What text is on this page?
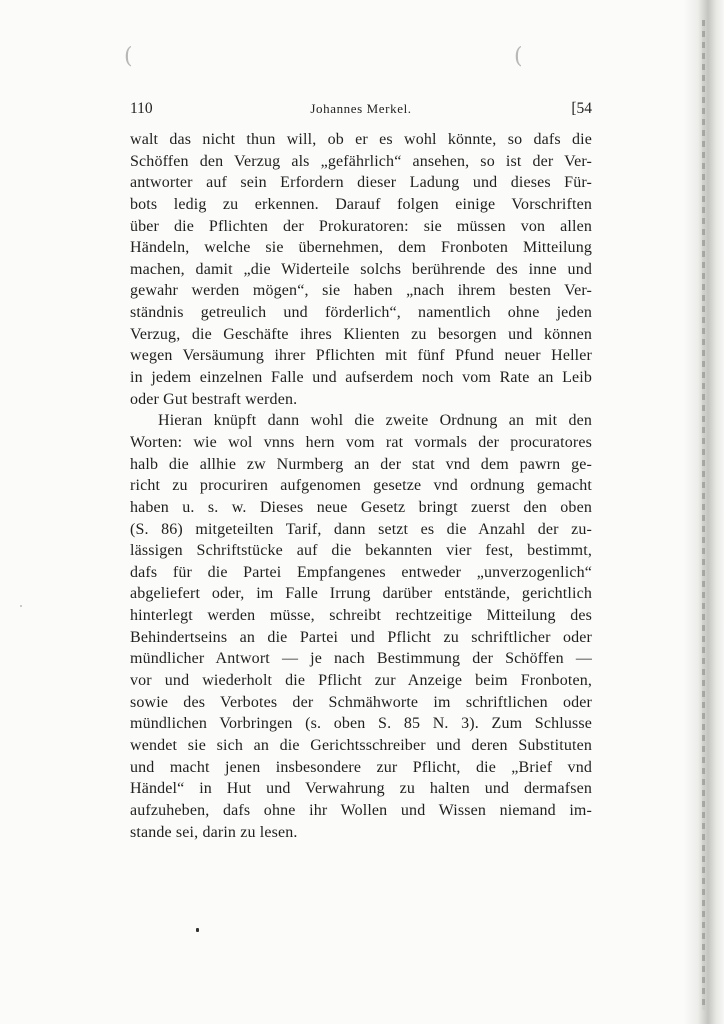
(	(
110	Johannes Merkel.	[54
walt das nicht thun will, ob er es wohl könnte, so dafs die
Schöffen den Verzug als „gefährlich“ ansehen, so ist der Ver-
antworter auf sein Erfordern dieser Ladung und dieses Für-
bots ledig zu erkennen. Darauf folgen einige Vorschriften
über die Pflichten der Prokuratoren: sie müssen von allen
Händeln, welche sie übernehmen, dem Fronboten Mitteilung
machen, damit „die Widerteile solchs berührende des inne und
gewahr werden mögen“, sie haben „nach ihrem besten Ver-
ständnis getreulich und förderlich“, namentlich ohne jeden
Verzug, die Geschäfte ihres Klienten zu besorgen und können
wegen Versäumung ihrer Pflichten mit fünf Pfund neuer Heller
in jedem einzelnen Falle und aufserdem noch vom Rate an Leib
oder Gut bestraft werden.
Hieran knüpft dann wohl die zweite Ordnung an mit den
Worten: wie wol vnns hern vom rat vormals der procuratores
halb die allhie zw Nurmberg an der stat vnd dem pawrn ge-
richt zu procuriren aufgenomen gesetze vnd ordnung gemacht
haben u. s. w. Dieses neue Gesetz bringt zuerst den oben
(S. 86) mitgeteilten Tarif, dann setzt es die Anzahl der zu-
lässigen Schriftstücke auf die bekannten vier fest, bestimmt,
dafs für die Partei Empfangenes entweder „unverzogenlich“
abgeliefert oder, im Falle Irrung darüber entstände, gerichtlich
hinterlegt werden müsse, schreibt rechtzeitige Mitteilung des
Behindertseins an die Partei und Pflicht zu schriftlicher oder
mündlicher Antwort — je nach Bestimmung der Schöffen —
vor und wiederholt die Pflicht zur Anzeige beim Fronboten,
sowie des Verbotes der Schmähworte im schriftlichen oder
mündlichen Vorbringen (s. oben S. 85 N. 3). Zum Schlusse
wendet sie sich an die Gerichtsschreiber und deren Substituten
und macht jenen insbesondere zur Pflicht, die „Brief vnd
Händel“ in Hut und Verwahrung zu halten und dermafsen
aufzuheben, dafs ohne ihr Wollen und Wissen niemand im-
stande sei, darin zu lesen.
